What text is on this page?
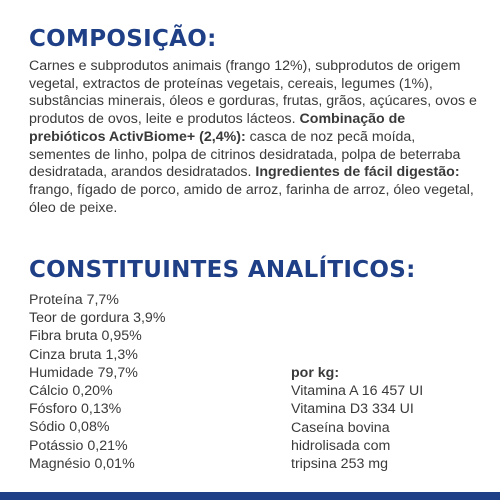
COMPOSIÇÃO:

Carnes e subprodutos animais (frango 12%), subprodutos de origem vegetal, extractos de proteínas vegetais, cereais, legumes (1%), substâncias minerais, óleos e gorduras, frutas, grãos, açúcares, ovos e produtos de ovos, leite e produtos lácteos. Combinação de prebióticos ActivBiome+ (2,4%): casca de noz pecã moída, sementes de linho, polpa de citrinos desidratada, polpa de beterraba desidratada, arandos desidratados. Ingredientes de fácil digestão: frango, fígado de porco, amido de arroz, farinha de arroz, óleo vegetal, óleo de peixe.

CONSTITUINTES ANALÍTICOS:
Proteína 7,7%
Teor de gordura 3,9%
Fibra bruta 0,95%
Cinza bruta 1,3%
Humidade 79,7%
Cálcio 0,20%
Fósforo 0,13%
Sódio 0,08%
Potássio 0,21%
Magnésio 0,01%
por kg:
Vitamina A 16 457 UI
Vitamina D3 334 UI
Caseína bovina
hidrolisada com
tripsina 253 mg
